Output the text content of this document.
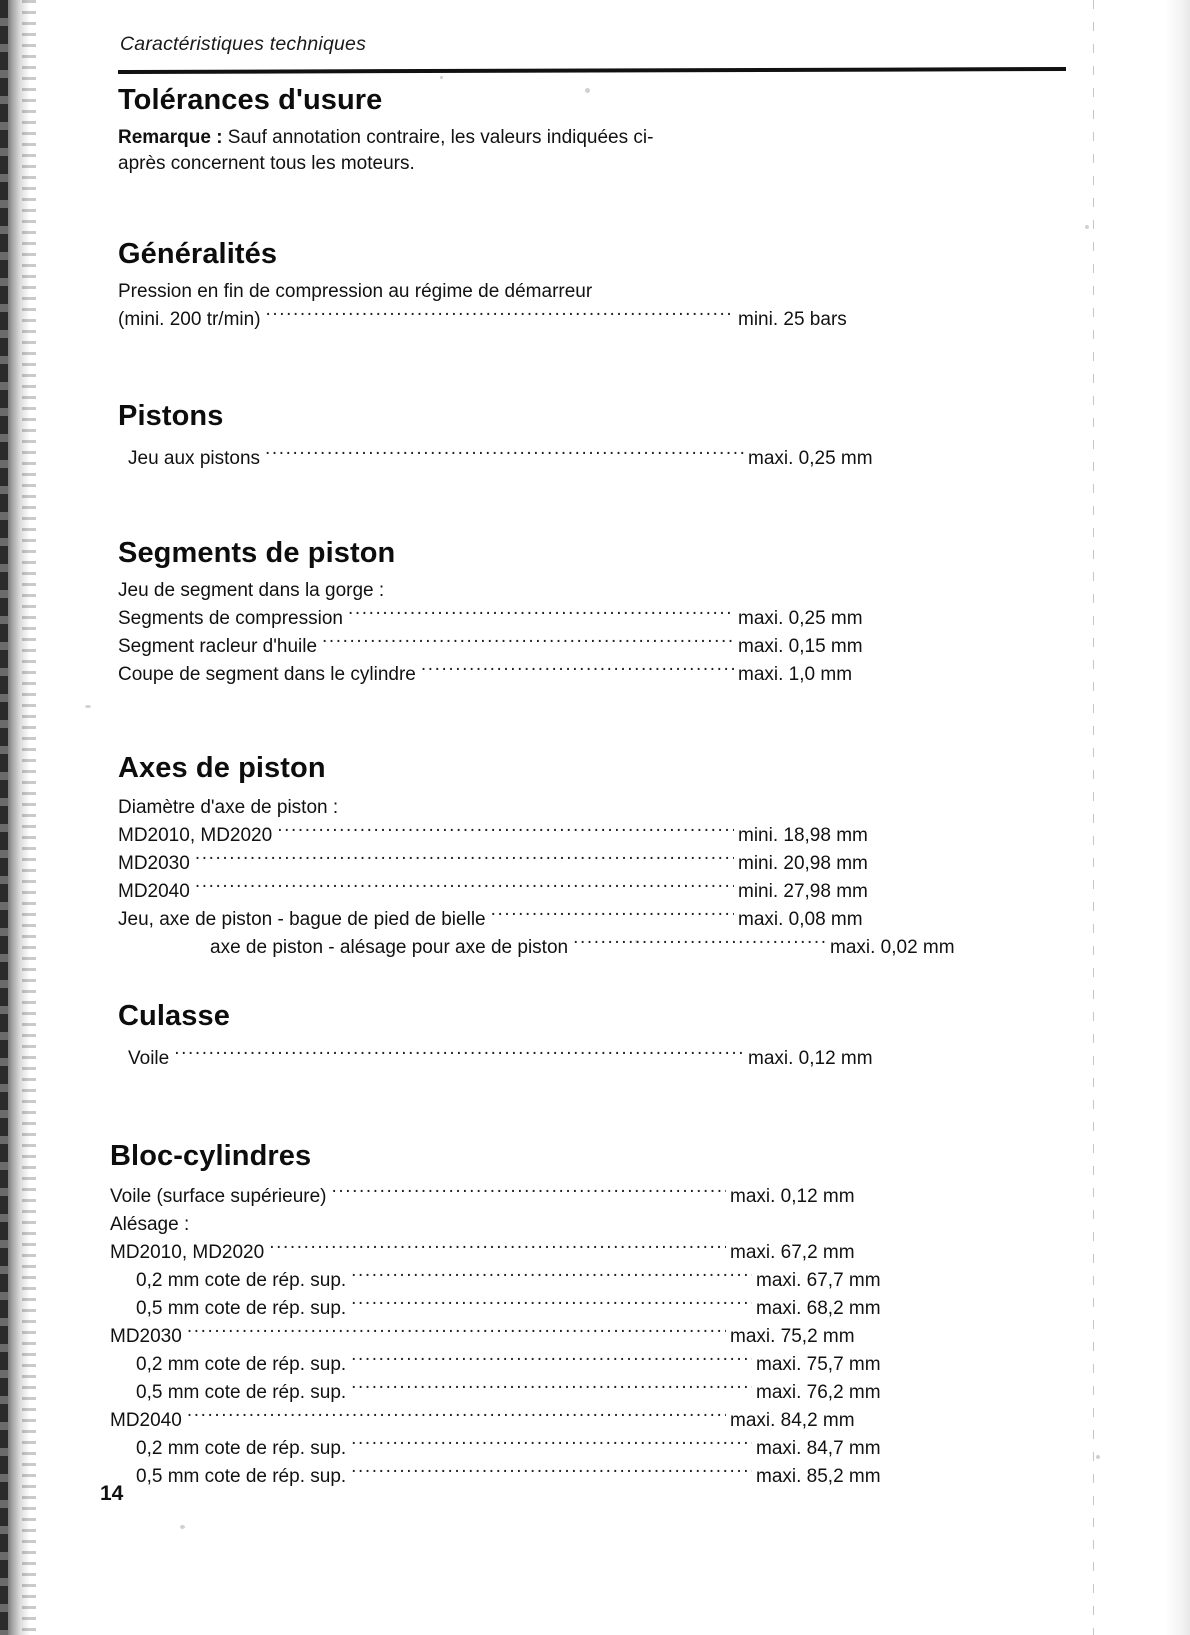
Caractéristiques techniques
Tolérances d'usure
Remarque : Sauf annotation contraire, les valeurs indiquées ci-après concernent tous les moteurs.
Généralités
Pression en fin de compression au régime de démarreur
(mini. 200 tr/min) .....	mini. 25 bars
Pistons
Jeu aux pistons .....	maxi. 0,25 mm
Segments de piston
Jeu de segment dans la gorge :
Segments de compression .....	maxi. 0,25 mm
Segment racleur d'huile .....	maxi. 0,15 mm
Coupe de segment dans le cylindre .....	maxi. 1,0 mm
Axes de piston
Diamètre d'axe de piston :
MD2010, MD2020 .....	mini. 18,98 mm
MD2030 .....	mini. 20,98 mm
MD2040 .....	mini. 27,98 mm
Jeu, axe de piston - bague de pied de bielle .....	maxi. 0,08 mm
axe de piston - alésage pour axe de piston .....	maxi. 0,02 mm
Culasse
Voile .....	maxi. 0,12 mm
Bloc-cylindres
Voile (surface supérieure) .....	maxi. 0,12 mm
Alésage :
MD2010, MD2020 .....	maxi. 67,2 mm
0,2 mm cote de rép. sup. .....	maxi. 67,7 mm
0,5 mm cote de rép. sup. .....	maxi. 68,2 mm
MD2030 .....	maxi. 75,2 mm
0,2 mm cote de rép. sup. .....	maxi. 75,7 mm
0,5 mm cote de rép. sup. .....	maxi. 76,2 mm
MD2040 .....	maxi. 84,2 mm
0,2 mm cote de rép. sup. .....	maxi. 84,7 mm
0,5 mm cote de rép. sup. .....	maxi. 85,2 mm
14
